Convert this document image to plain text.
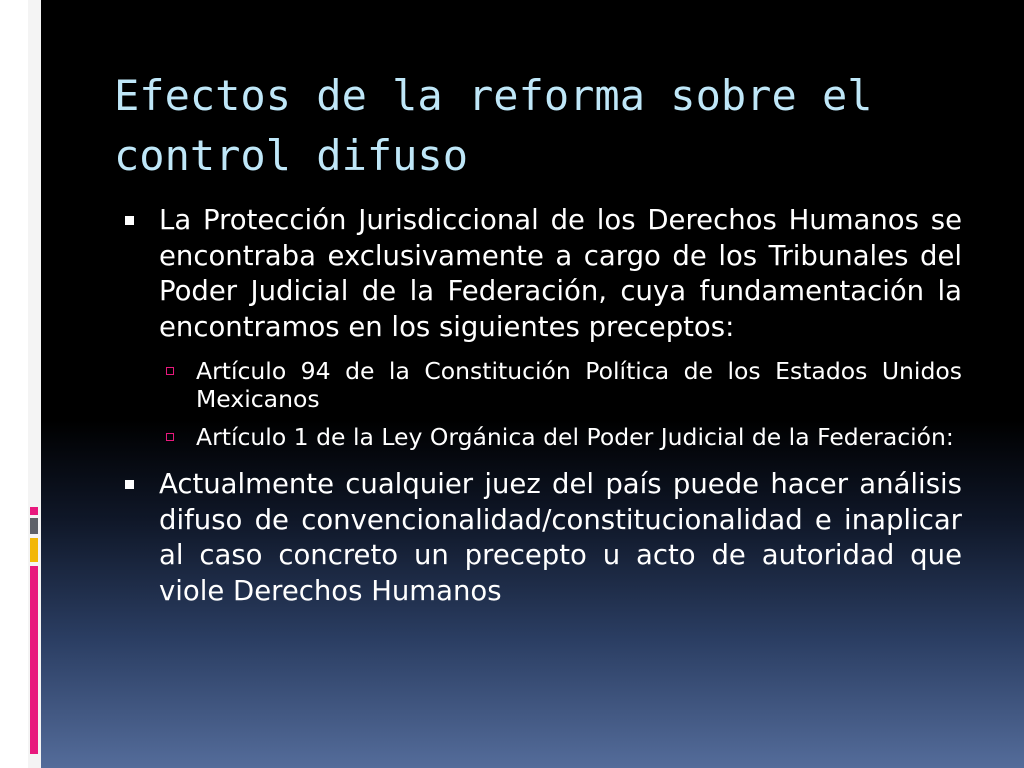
Efectos de la reforma sobre el control difuso
La Protección Jurisdiccional de los Derechos Humanos se encontraba exclusivamente a cargo de los Tribunales del Poder Judicial de la Federación, cuya fundamentación la encontramos en los siguientes preceptos:
Artículo 94 de la Constitución Política de los Estados Unidos Mexicanos
Artículo 1 de la Ley Orgánica del Poder Judicial de la Federación:
Actualmente cualquier juez del país puede hacer análisis difuso de convencionalidad/constitucionalidad e inaplicar al caso concreto un precepto u acto de autoridad que viole Derechos Humanos
